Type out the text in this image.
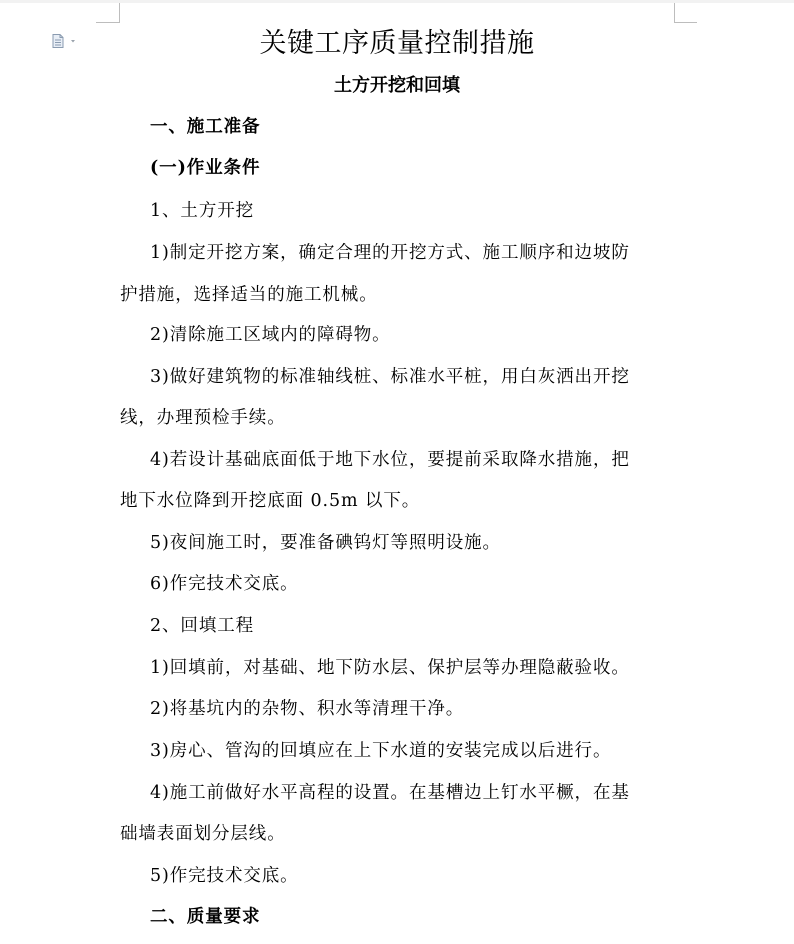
关键工序质量控制措施
土方开挖和回填
一、施工准备
(一)作业条件
1、土方开挖
1)制定开挖方案，确定合理的开挖方式、施工顺序和边坡防
护措施，选择适当的施工机械。
2)清除施工区域内的障碍物。
3)做好建筑物的标准轴线桩、标准水平桩，用白灰洒出开挖
线，办理预检手续。
4)若设计基础底面低于地下水位，要提前采取降水措施，把
地下水位降到开挖底面 0.5m 以下。
5)夜间施工时，要准备碘钨灯等照明设施。
6)作完技术交底。
2、回填工程
1)回填前，对基础、地下防水层、保护层等办理隐蔽验收。
2)将基坑内的杂物、积水等清理干净。
3)房心、管沟的回填应在上下水道的安装完成以后进行。
4)施工前做好水平高程的设置。在基槽边上钉水平橛，在基
础墙表面划分层线。
5)作完技术交底。
二、质量要求
